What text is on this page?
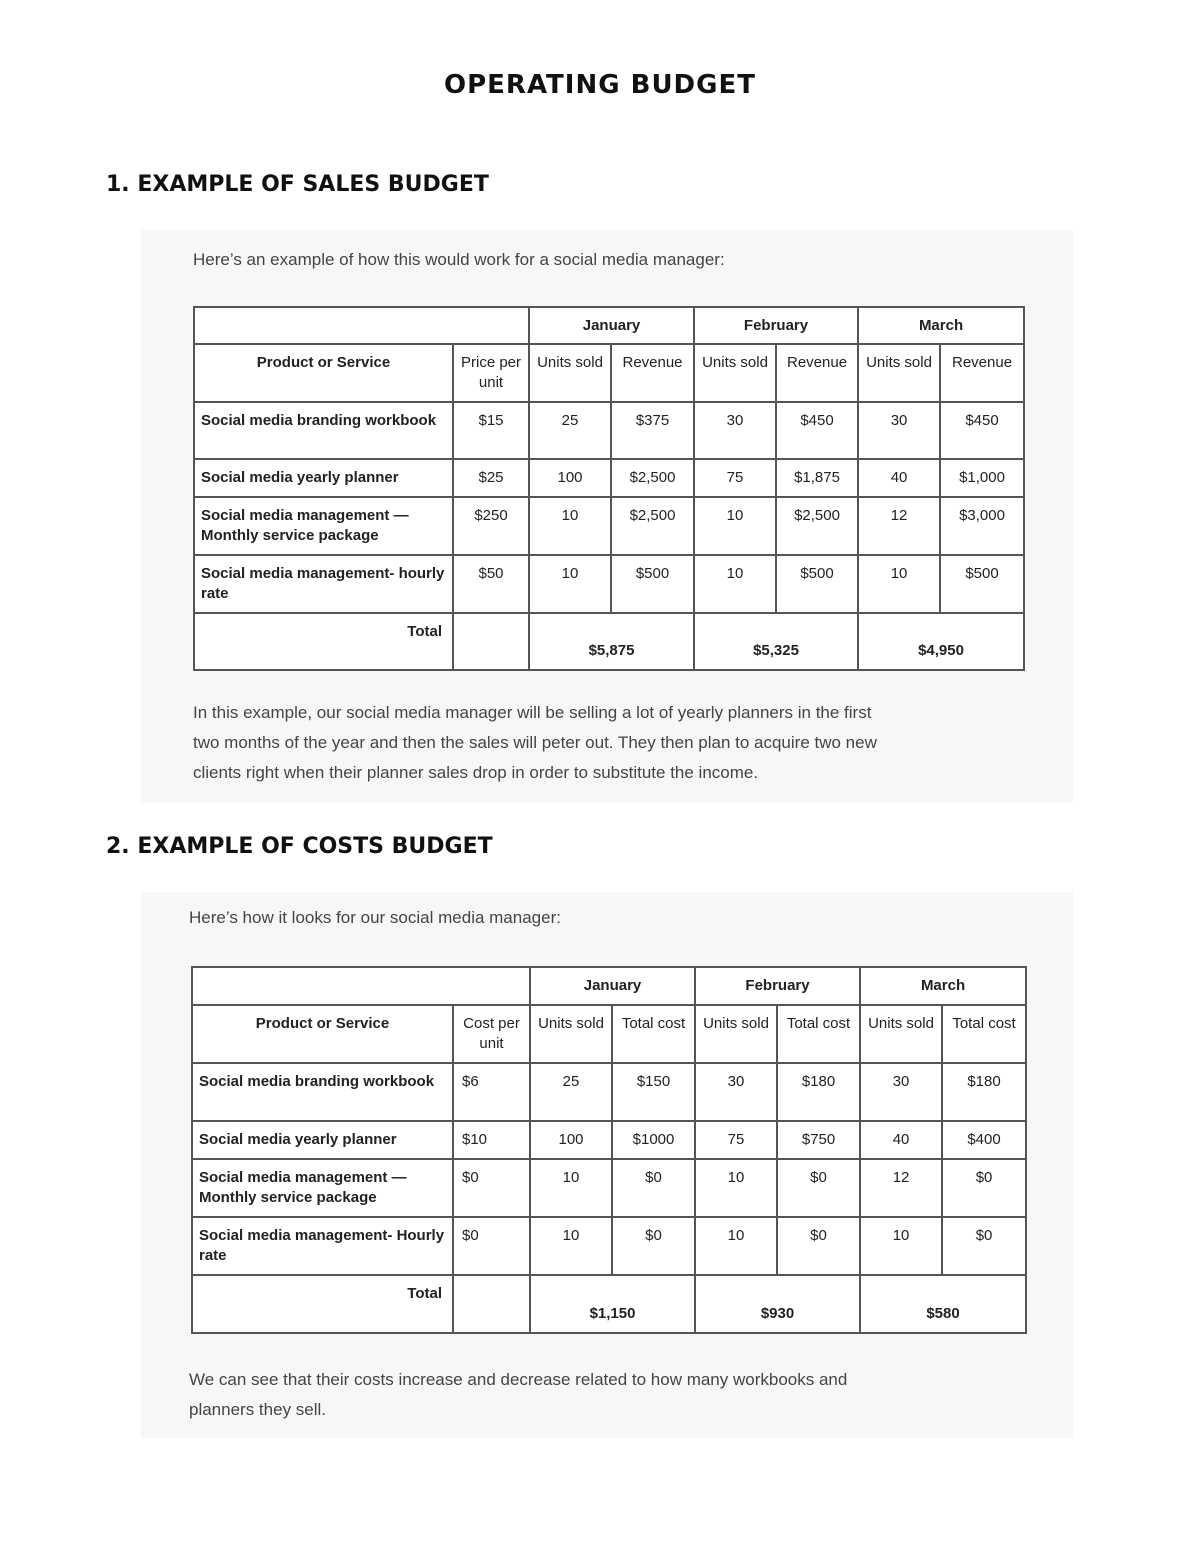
OPERATING BUDGET
1. EXAMPLE OF SALES BUDGET
Here’s an example of how this would work for a social media manager:
		January		February		March	
Product or Service	Price per unit	Units sold	Revenue	Units sold	Revenue	Units sold	Revenue
Social media branding workbook	$15	25	$375	30	$450	30	$450
Social media yearly planner	$25	100	$2,500	75	$1,875	40	$1,000
Social media management — Monthly service package	$250	10	$2,500	10	$2,500	12	$3,000
Social media management- hourly rate	$50	10	$500	10	$500	10	$500
Total		$5,875		$5,325		$4,950	

In this example, our social media manager will be selling a lot of yearly planners in the first

two months of the year and then the sales will peter out. They then plan to acquire two new

clients right when their planner sales drop in order to substitute the income.

2. EXAMPLE OF COSTS BUDGET
Here’s how it looks for our social media manager:
		January		February		March	
Product or Service	Cost per unit	Units sold	Total cost	Units sold	Total cost	Units sold	Total cost
Social media branding workbook	$6	25	$150	30	$180	30	$180
Social media yearly planner	$10	100	$1000	75	$750	40	$400
Social media management — Monthly service package	$0	10	$0	10	$0	12	$0
Social media management- Hourly rate	$0	10	$0	10	$0	10	$0
Total		$1,150		$930		$580	

We can see that their costs increase and decrease related to how many workbooks and

planners they sell.
